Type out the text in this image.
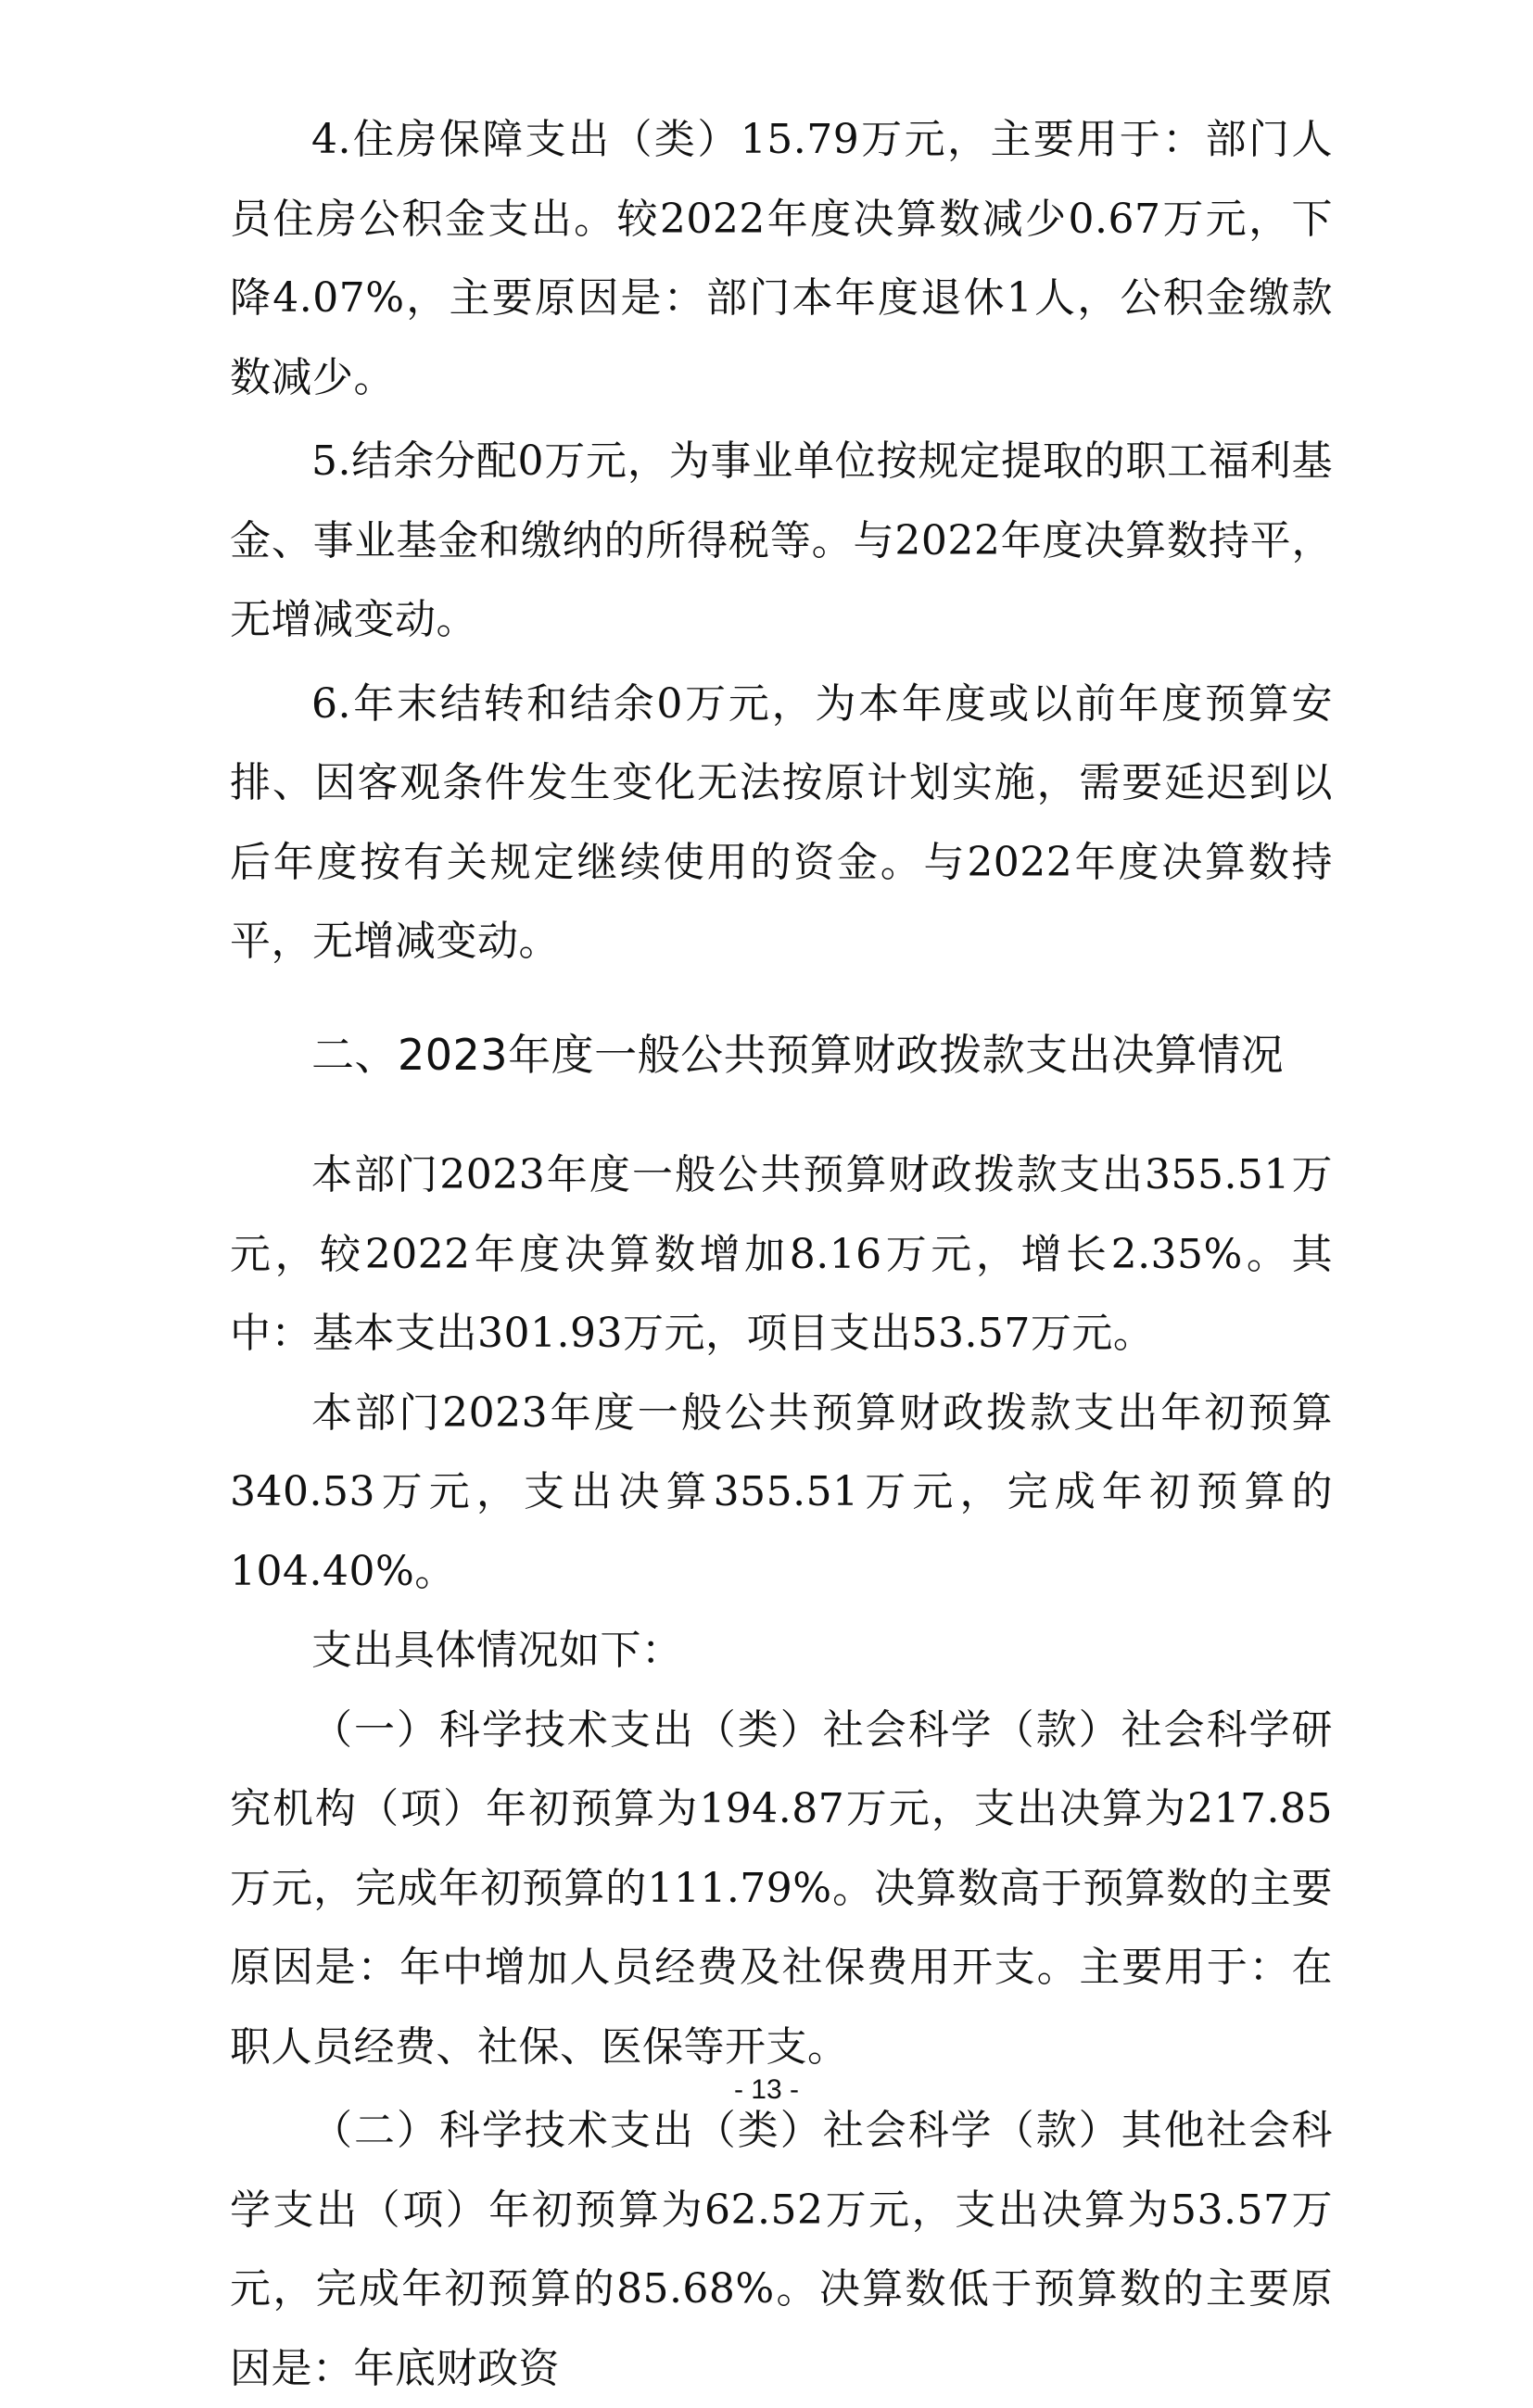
4.住房保障支出（类）15.79万元，主要用于：部门人员住房公积金支出。较2022年度决算数减少0.67万元，下降4.07%，主要原因是：部门本年度退休1人，公积金缴款数减少。

5.结余分配0万元，为事业单位按规定提取的职工福利基金、事业基金和缴纳的所得税等。与2022年度决算数持平，无增减变动。

6.年末结转和结余0万元，为本年度或以前年度预算安排、因客观条件发生变化无法按原计划实施，需要延迟到以后年度按有关规定继续使用的资金。与2022年度决算数持平，无增减变动。

二、2023年度一般公共预算财政拨款支出决算情况

本部门2023年度一般公共预算财政拨款支出355.51万元，较2022年度决算数增加8.16万元，增长2.35%。其中：基本支出301.93万元，项目支出53.57万元。

本部门2023年度一般公共预算财政拨款支出年初预算340.53万元，支出决算355.51万元，完成年初预算的104.40%。

支出具体情况如下：

（一）科学技术支出（类）社会科学（款）社会科学研究机构（项）年初预算为194.87万元，支出决算为217.85万元，完成年初预算的111.79%。决算数高于预算数的主要原因是：年中增加人员经费及社保费用开支。主要用于：在职人员经费、社保、医保等开支。

（二）科学技术支出（类）社会科学（款）其他社会科学支出（项）年初预算为62.52万元，支出决算为53.57万元，完成年初预算的85.68%。决算数低于预算数的主要原因是：年底财政资

- 13 -
